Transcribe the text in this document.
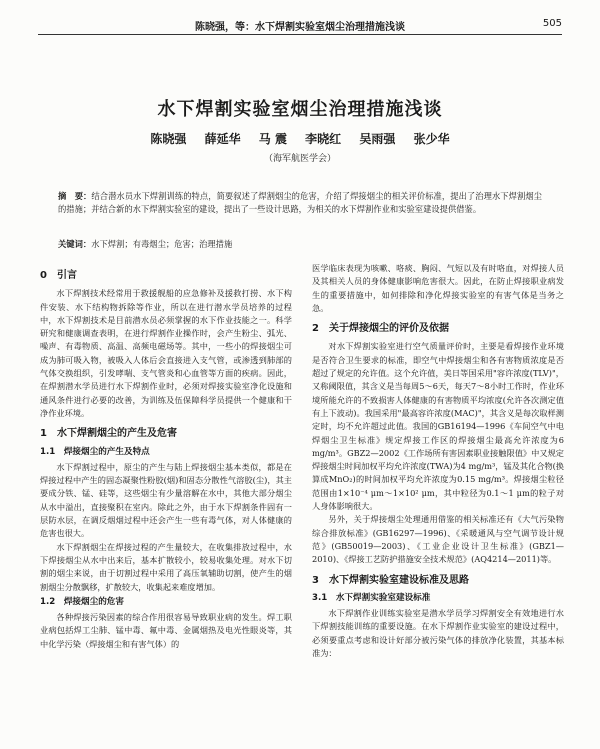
陈晓强，等：水下焊割实验室烟尘治理措施浅谈	505
水下焊割实验室烟尘治理措施浅谈
陈晓强 薛延华 马 震 李晓红 吴雨强 张少华
（海军航医学会）
摘　要：结合潜水员水下焊割训练的特点，简要叙述了焊割烟尘的危害，介绍了焊接烟尘的相关评价标准，提出了治理水下焊割烟尘的措施；并结合新的水下焊割实验室的建设，提出了一些设计思路，为相关的水下焊割作业和实验室建设提供借鉴。
关键词：水下焊割；有毒烟尘；危害；治理措施
0　引言

水下焊割技术经常用于救援舰船的应急修补及援救打捞、水下构件安装、水下结构物拆除等作业，所以在进行潜水学员培养的过程中，水下焊割技术是目前潜水员必须掌握的水下作业技能之一。科学研究和健康调查表明，在进行焊割作业操作时，会产生粉尘、弧光、噪声、有毒物质、高温、高频电磁场等。其中，一些小的焊接烟尘可成为肺可吸入物，被吸入人体后会直接进入支气管，或渗透到肺部的气体交换组织，引发哮喘、支气管炎和心血管等方面的疾病。因此，在焊割潜水学员进行水下焊割作业时，必须对焊接实验室净化设施和通风条件进行必要的改善，为训练及伍保障科学员提供一个健康和干净作业环境。

1　水下焊割烟尘的产生及危害
1.1　焊接烟尘的产生及特点

水下焊割过程中，原尘的产生与陆上焊接烟尘基本类似，都是在焊接过程中产生的固态凝聚性粉胶(烟)和固态分散性气溶胶(尘)，其主要成分铁、锰、硅等，这些烟尘有少量溶解在水中，其他大部分烟尘从水中溢出，直接聚积在室内。除此之外，由于水下焊割条件固有一层防水层，在调反烟烟过程中还会产生一些有毒气体，对人体健康的危害也很大。

水下焊割烟尘在焊接过程的产生量较大，在收集排放过程中，水下焊接烟尘从水中出来后，基本扩散较小，较易收集处理。对水下切割的烟尘来说，由于切割过程中采用了高压氧辅助切割，使产生的烟割烟尘分散飘移，扩散较大，收集起来难度增加。

1.2　焊接烟尘的危害

各种焊接污染因素的综合作用很容易导致职业病的发生。焊工职业病包括焊工尘肺、锰中毒、氟中毒、金属烟热及电光性眼炎等，其中化学污染（焊接烟尘和有害气体）的

医学临床表现为咳嗽、咯痰、胸闷、气短以及有时咯血，对焊接人员及其相关人员的身体健康影响危害很大。因此，在防止焊接职业病发生的重要措施中，如何排除和净化焊接实验室的有害气体是当务之急。

2　关于焊接烟尘的评价及依据

对水下焊割实验室进行空气质量评价时，主要是看焊接作业环境是否符合卫生要求的标准，即空气中焊接烟尘和各有害物质浓度是否超过了规定的允许值。这个允许值，美日等国采用"容许浓度(TLV)"，又称阈限值，其含义是当每周5～6天，每天7～8小时工作时，作业环境所能允许的不致损害人体健康的有害物质平均浓度(允许各次测定值有上下波动)。我国采用"最高容许浓度(MAC)"，其含义是每次取样测定时，均不允许超过此值。我国的GB16194—1996《车间空气中电焊烟尘卫生标准》规定焊接工作区的焊接烟尘最高允许浓度为6 mg/m³。GBZ2—2002《工作场所有害因素职业接触限值》中又规定焊接烟尘时间加权平均允许浓度(TWA)为4 mg/m³，锰及其化合物(换算成MnO₂)的时间加权平均允许浓度为0.15 mg/m³。焊接烟尘粒径范围由1×10⁻⁴ μm～1×10² μm，其中粒径为0.1～1 μm的粒子对人身体影响很大。

另外，关于焊接烟尘处理通用借鉴的相关标准还有《大气污染物综合排放标准》(GB16297—1996)、《采暖通风与空气调节设计规范》(GB50019—2003)、《工业企业设计卫生标准》(GBZ1—2010)、《焊接工艺防护措施安全技术规范》(AQ4214—2011)等。

3　水下焊割实验室建设标准及思路
3.1　水下焊割实验室建设标准

水下焊割作业训练实验室是潜水学员学习焊割安全有效地进行水下焊割技能训练的重要设施。在水下焊割作业实验室的建设过程中，必须要重点考虑和设计好部分被污染气体的排放净化装置，其基本标准为：
